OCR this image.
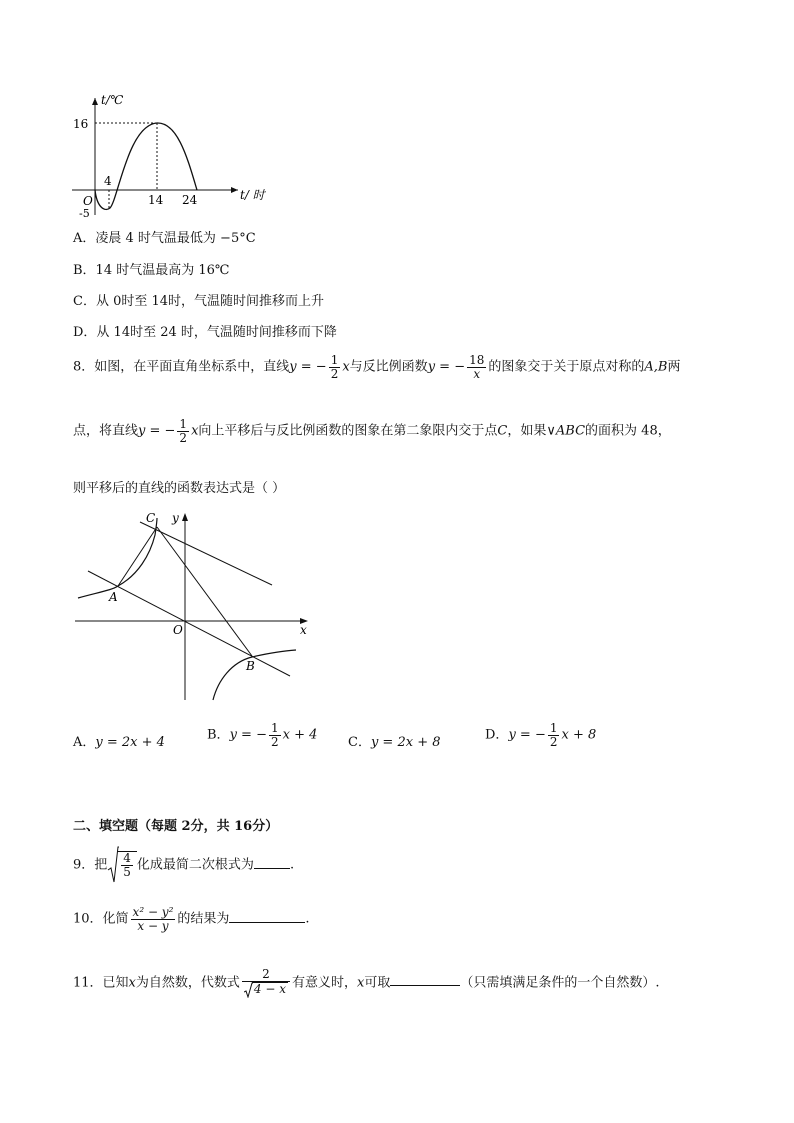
t/℃
t/ 时
16
-5
O
4
14 24
A．凌晨 4 时气温最低为 −5°C
B．14 时气温最高为 16℃
C．从 0时至 14时，气温随时间推移而上升
D．从 14时至 24 时，气温随时间推移而下降
8．如图，在平面直角坐标系中，直线y = − $\frac{1}{2}$ x与反比例函数y = − $\frac{18}{x}$ 的图象交于关于原点对称的A,B两
点，将直线y = − $\frac{1}{2}$ x向上平移后与反比例函数的图象在第二象限内交于点C，如果∨ABC的面积为 48，
则平移后的直线的函数表达式是（ ）
C y
A
O	x
B
A．y = 2x + 4	B．y = − $\frac{1}{2}$ x + 4 C．y = 2x + 8	D．y = − $\frac{1}{2}$ x + 8
二、填空题（每题 2分，共 16分）
9．把 $\frac{4}{5}$ 化成最简二次根式为	.
10．化简 $\frac{\text{x² − y²}}{x - y}$ 的结果为	.
11．已知x为自然数，代数式 $\frac{2}{4 - x}$ 有意义时，x可取	（只需填满足条件的一个自然数）.
